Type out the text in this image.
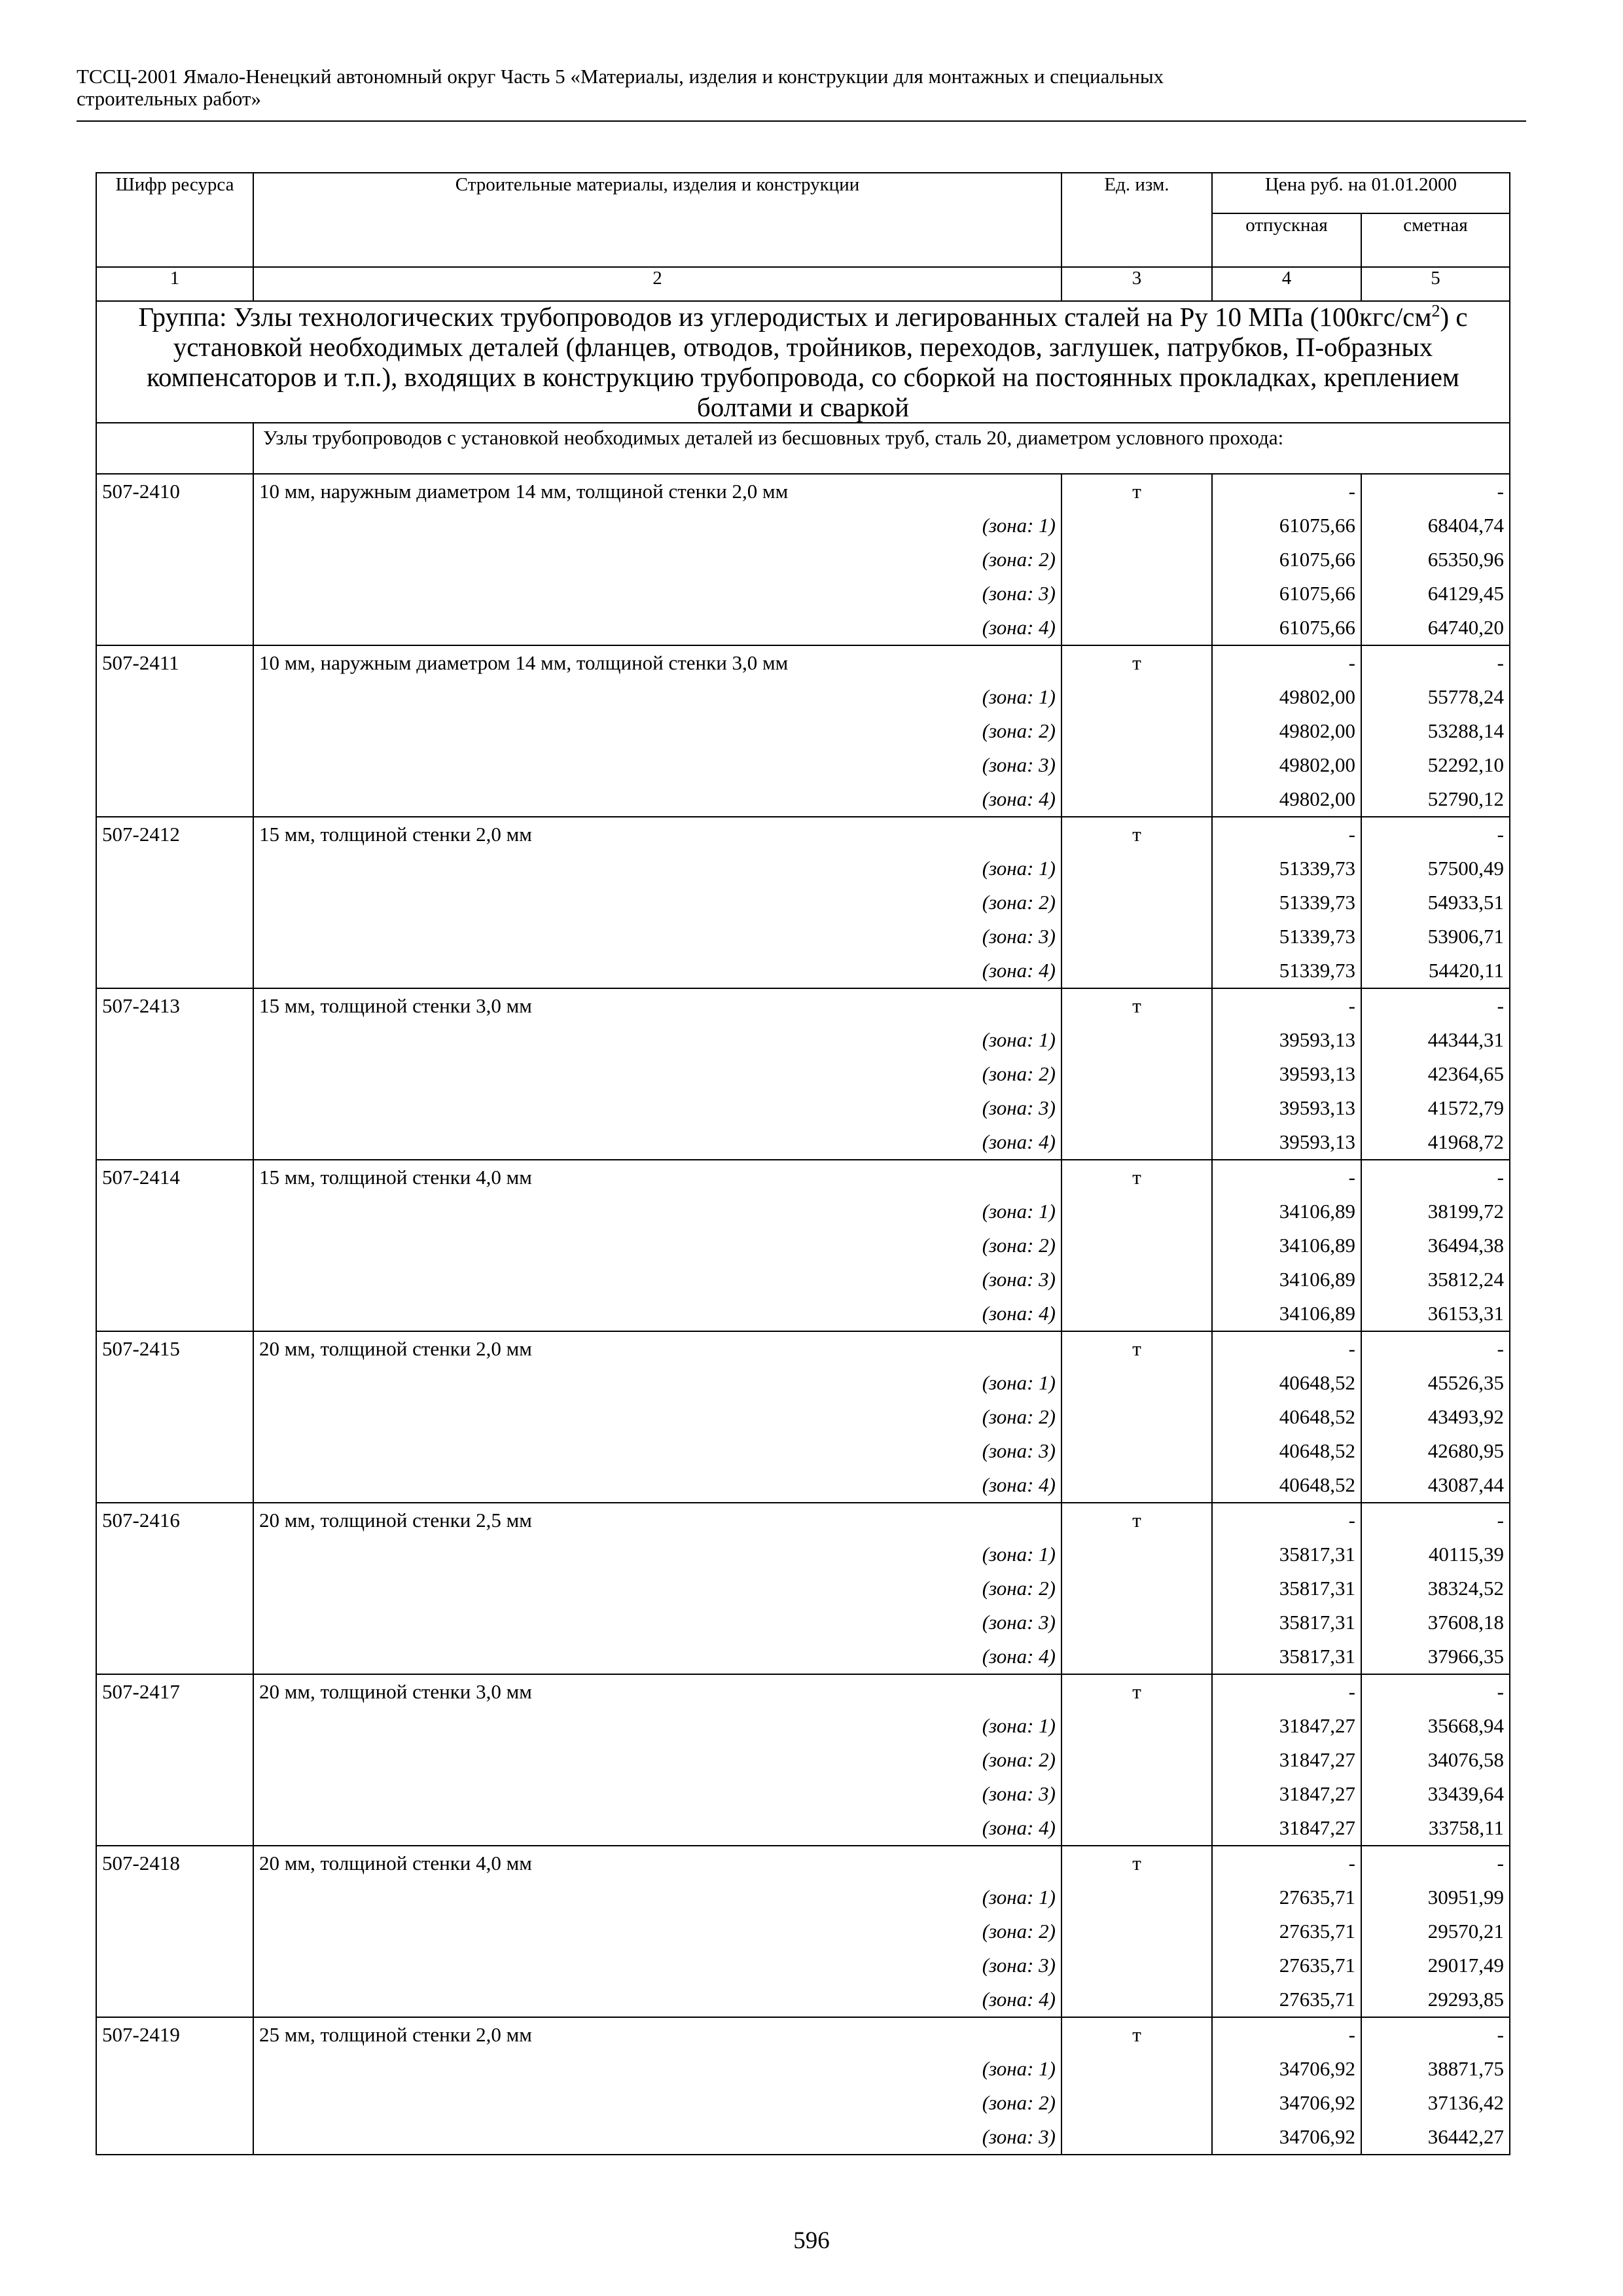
ТССЦ-2001 Ямало-Ненецкий автономный округ Часть 5 «Материалы, изделия и конструкции для монтажных и специальных
строительных работ»
Шифр ресурса	Строительные материалы, изделия и конструкции	Ед. изм.	Цена руб. на 01.01.2000	
			отпускная	сметная
1	2	3	4	5
Группа: Узлы технологических трубопроводов из углеродистых и легированных сталей на Ру 10 МПа $(100кгс/см^2)$ с установкой необходимых деталей (фланцев, отводов, тройников, переходов, заглушек, патрубков, П-образных компенсаторов и т.п.), входящих в конструкцию трубопровода, со сборкой на постоянных прокладках, креплением болтами и сваркой				

	Узлы трубопроводов с установкой необходимых деталей из бесшовных труб, сталь 20, диаметром условного прохода:			

507-2410	10 мм, наружным диаметром 14 мм, толщиной стенки 2,0 мм	т	-	-
	(зона: 1)		61075,66	68404,74
	(зона: 2)		61075,66	65350,96
	(зона: 3)		61075,66	64129,45
	(зона: 4)		61075,66	64740,20
507-2411	10 мм, наружным диаметром 14 мм, толщиной стенки 3,0 мм	т	-	-
	(зона: 1)		49802,00	55778,24
	(зона: 2)		49802,00	53288,14
	(зона: 3)		49802,00	52292,10
	(зона: 4)		49802,00	52790,12
507-2412	15 мм, толщиной стенки 2,0 мм	т	-	-
	(зона: 1)		51339,73	57500,49
	(зона: 2)		51339,73	54933,51
	(зона: 3)		51339,73	53906,71
	(зона: 4)		51339,73	54420,11
507-2413	15 мм, толщиной стенки 3,0 мм	т	-	-
	(зона: 1)		39593,13	44344,31
	(зона: 2)		39593,13	42364,65
	(зона: 3)		39593,13	41572,79
	(зона: 4)		39593,13	41968,72
507-2414	15 мм, толщиной стенки 4,0 мм	т	-	-
	(зона: 1)		34106,89	38199,72
	(зона: 2)		34106,89	36494,38
	(зона: 3)		34106,89	35812,24
	(зона: 4)		34106,89	36153,31
507-2415	20 мм, толщиной стенки 2,0 мм	т	-	-
	(зона: 1)		40648,52	45526,35
	(зона: 2)		40648,52	43493,92
	(зона: 3)		40648,52	42680,95
	(зона: 4)		40648,52	43087,44
507-2416	20 мм, толщиной стенки 2,5 мм	т	-	-
	(зона: 1)		35817,31	40115,39
	(зона: 2)		35817,31	38324,52
	(зона: 3)		35817,31	37608,18
	(зона: 4)		35817,31	37966,35
507-2417	20 мм, толщиной стенки 3,0 мм	т	-	-
	(зона: 1)		31847,27	35668,94
	(зона: 2)		31847,27	34076,58
	(зона: 3)		31847,27	33439,64
	(зона: 4)		31847,27	33758,11
507-2418	20 мм, толщиной стенки 4,0 мм	т	-	-
	(зона: 1)		27635,71	30951,99
	(зона: 2)		27635,71	29570,21
	(зона: 3)		27635,71	29017,49
	(зона: 4)		27635,71	29293,85
507-2419	25 мм, толщиной стенки 2,0 мм	т	-	-
	(зона: 1)		34706,92	38871,75
	(зона: 2)		34706,92	37136,42
	(зона: 3)		34706,92	36442,27
596
